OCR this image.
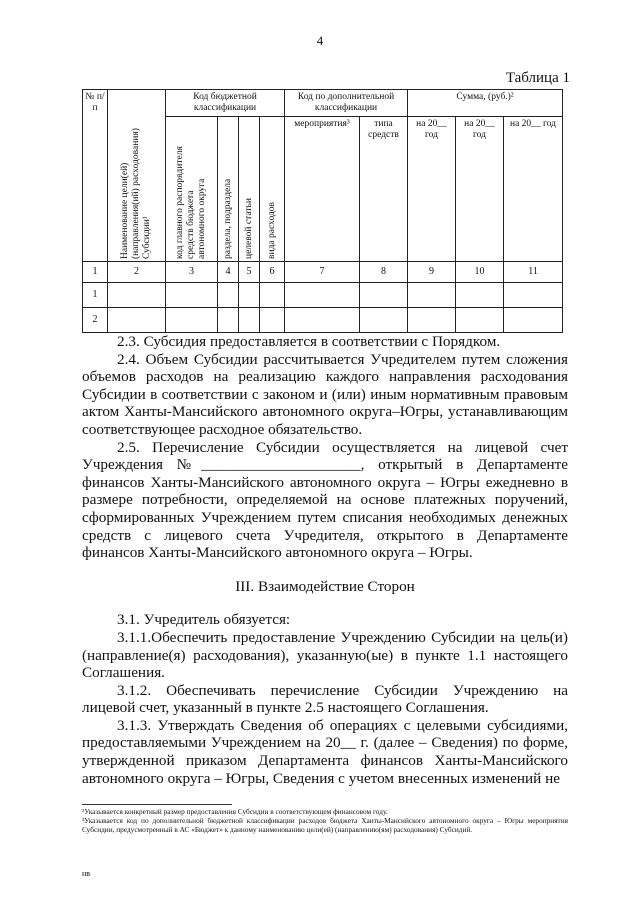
4
Таблица 1
№ п/п	Наименование цели(ей) (направления(ий) расходования) Субсидии¹	Код бюджетной классификации				Код по дополнительной классификации		Сумма, (руб.)²		

		код главного распорядителя средств бюджета автономного округа	раздела, подраздела	целевой статьи	вида расходов	мероприятия³	типа средств	на 20__ год	на 20__ год	на 20__ год
1	2	3	4	5	6	7	8	9	10	11
1										
2										

2.3. Субсидия предоставляется в соответствии с Порядком.

2.4. Объем Субсидии рассчитывается Учредителем путем сложения объемов расходов на реализацию каждого направления расходования Субсидии в соответствии с законом и (или) иным нормативным правовым актом Ханты-Мансийского автономного округа–Югры, устанавливающим соответствующее расходное обязательство.

2.5. Перечисление Субсидии осуществляется на лицевой счет Учреждения №_____________________, открытый в Департаменте финансов Ханты-Мансийского автономного округа – Югры ежедневно в размере потребности, определяемой на основе платежных поручений, сформированных Учреждением путем списания необходимых денежных средств с лицевого счета Учредителя, открытого в Департаменте финансов Ханты-Мансийского автономного округа – Югры.

III. Взаимодействие Сторон

3.1. Учредитель обязуется:

3.1.1.Обеспечить предоставление Учреждению Субсидии на цель(и) (направление(я) расходования), указанную(ые) в пункте 1.1 настоящего Соглашения.

3.1.2. Обеспечивать перечисление Субсидии Учреждению на лицевой счет, указанный в пункте 2.5 настоящего Соглашения.

3.1.3. Утверждать Сведения об операциях с целевыми субсидиями, предоставляемыми Учреждением на 20__ г. (далее – Сведения) по форме, утвержденной приказом Департамента финансов Ханты-Мансийского автономного округа – Югры, Сведения с учетом внесенных изменений не

²Указывается конкретный размер предоставления Субсидии в соответствующем финансовом году.

³Указывается код по дополнительной бюджетной классификации расходов бюджета Ханты-Мансийского автономного округа – Югры мероприятия Субсидии, предусмотренный в АС «Бюджет» к данному наименованию цели(ей) (направлению(ям) расходования) Субсидий.

нв
